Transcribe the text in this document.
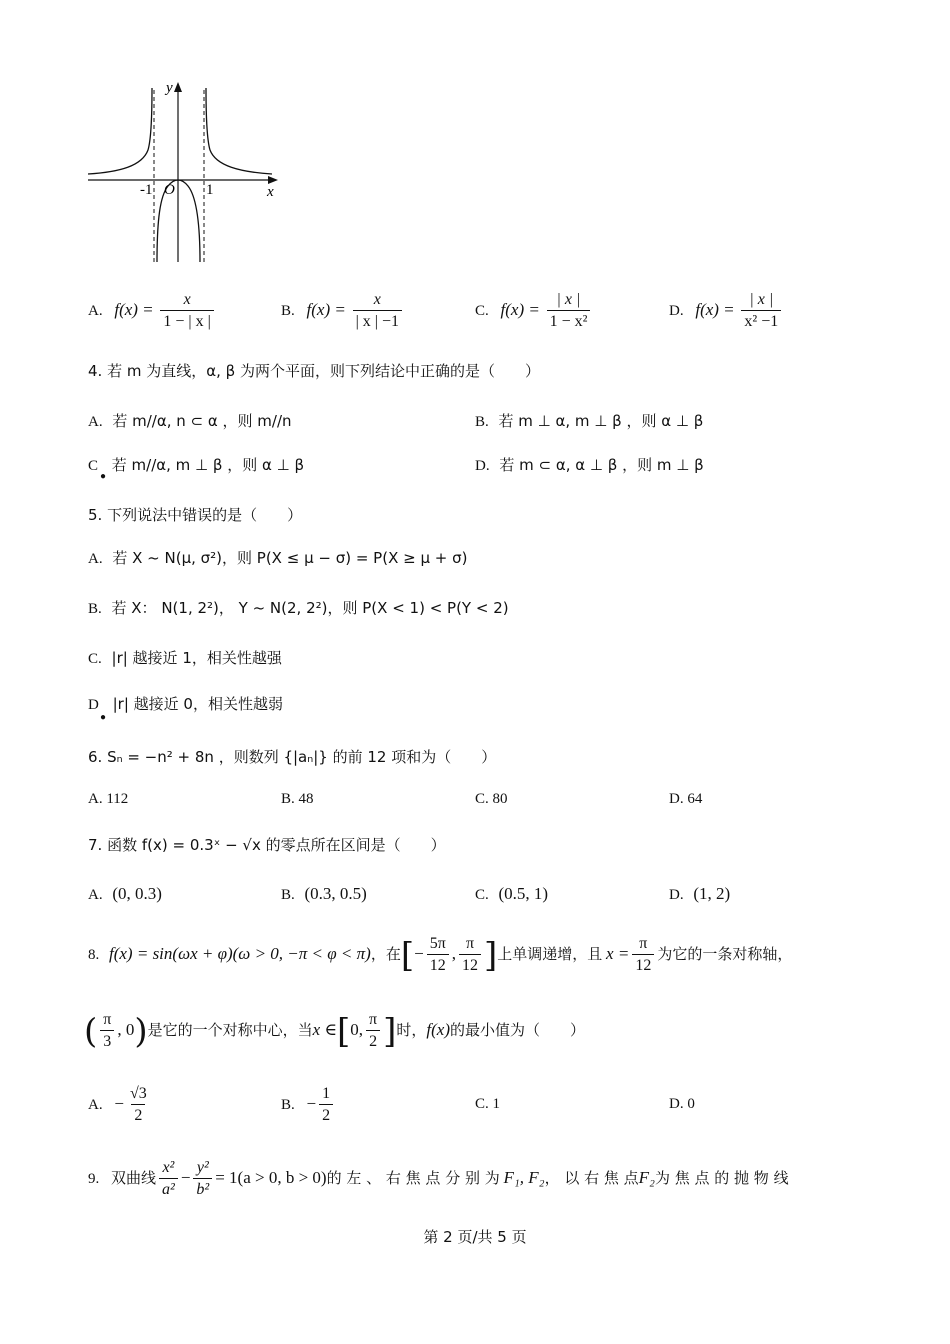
y
x
O
-1	1
A. $f(x) = \frac{x}{1 - | x |}$	B. $f(x) = \frac{x}{| x | -1}$	C. $f(x) = \frac{| x |}{\text{1 − x²}}$	D. $f(x) = \frac{| x |}{\text{x² −1}}$
4. 若 m 为直线，α, β 为两个平面，则下列结论中正确的是（　　）
A. 若 m//α, n ⊂ α ，则 m//n	B. 若 m ⊥ α, m ⊥ β ，则 α ⊥ β
C 若 m//α, m ⊥ β ，则 α ⊥ β
●
D. 若 m ⊂ α, α ⊥ β ，则 m ⊥ β
5. 下列说法中错误的是（　　）
A. 若 X ~ N(μ, σ²)，则 P(X ≤ μ − σ) = P(X ≥ μ + σ)
B. 若 X： N(1, 2²)， Y ~ N(2, 2²)，则 P(X < 1) < P(Y < 2)
C. |r| 越接近 1，相关性越强
D |r| 越接近 0，相关性越弱
●
6. Sₙ = −n² + 8n ，则数列 {|aₙ|} 的前 12 项和为（　　）
A. 112	B. 48	C. 80	D. 64
7. 函数 f(x) = 0.3ˣ − √x 的零点所在区间是（　　）
A. (0, 0.3)	B. (0.3, 0.5)	C. (0.5, 1)	D. (1, 2)
8. f(x) = sin(ωx + φ)(ω > 0, −π < φ < π)，在[− $\frac{5\pi}{12}$ , $\frac{\pi}{12}$ ]上单调递增，且 $x = \frac{\pi}{12}$ 为它的一条对称轴，
( $\frac{\pi}{3}$ , 0)是它的一个对称中心，当x ∈[0, $\frac{\pi}{2}$ ]时，f(x)的最小值为（　　）
A. − $\frac{√3}{2}$	B. − $\frac{1}{2}$	C. 1	D. 0
9. 双曲线 $\frac{\text{x²}}{\text{a²}} - \frac{\text{y²}}{\text{b²}} = 1(a > 0$, b > 0)的 左 、 右 焦 点 分 别 为 F₁, F₂， 以 右 焦 点F₂为 焦 点 的 抛 物 线
第 2 页/共 5 页
